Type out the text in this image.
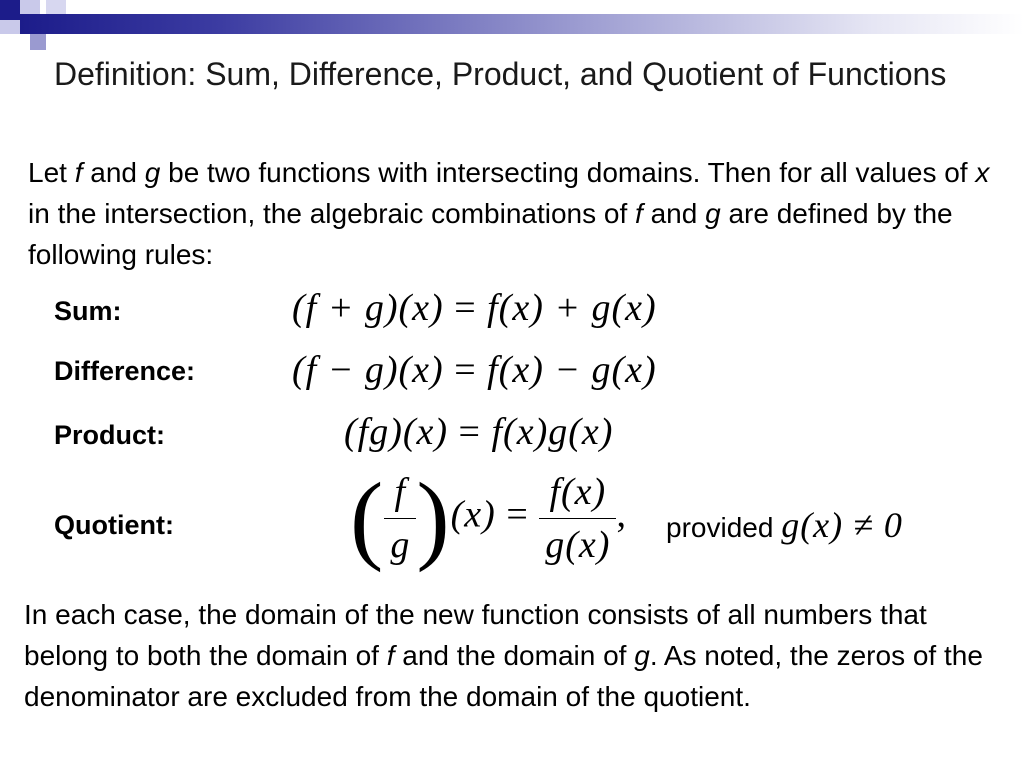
Definition: Sum, Difference, Product, and Quotient of Functions
Let f and g be two functions with intersecting domains. Then for all values of x in the intersection, the algebraic combinations of f and g are defined by the following rules:
Sum:	(f + g)(x) = f(x) + g(x)
Difference:	(f − g)(x) = f(x) − g(x)
Product:	(fg)(x) = f(x)g(x)
Quotient: ( $\frac{f}{g} )(x) = \frac{f(x)}{g(x)}$ , provided g(x) ≠ 0
In each case, the domain of the new function consists of all numbers that belong to both the domain of f and the domain of g. As noted, the zeros of the denominator are excluded from the domain of the quotient.
